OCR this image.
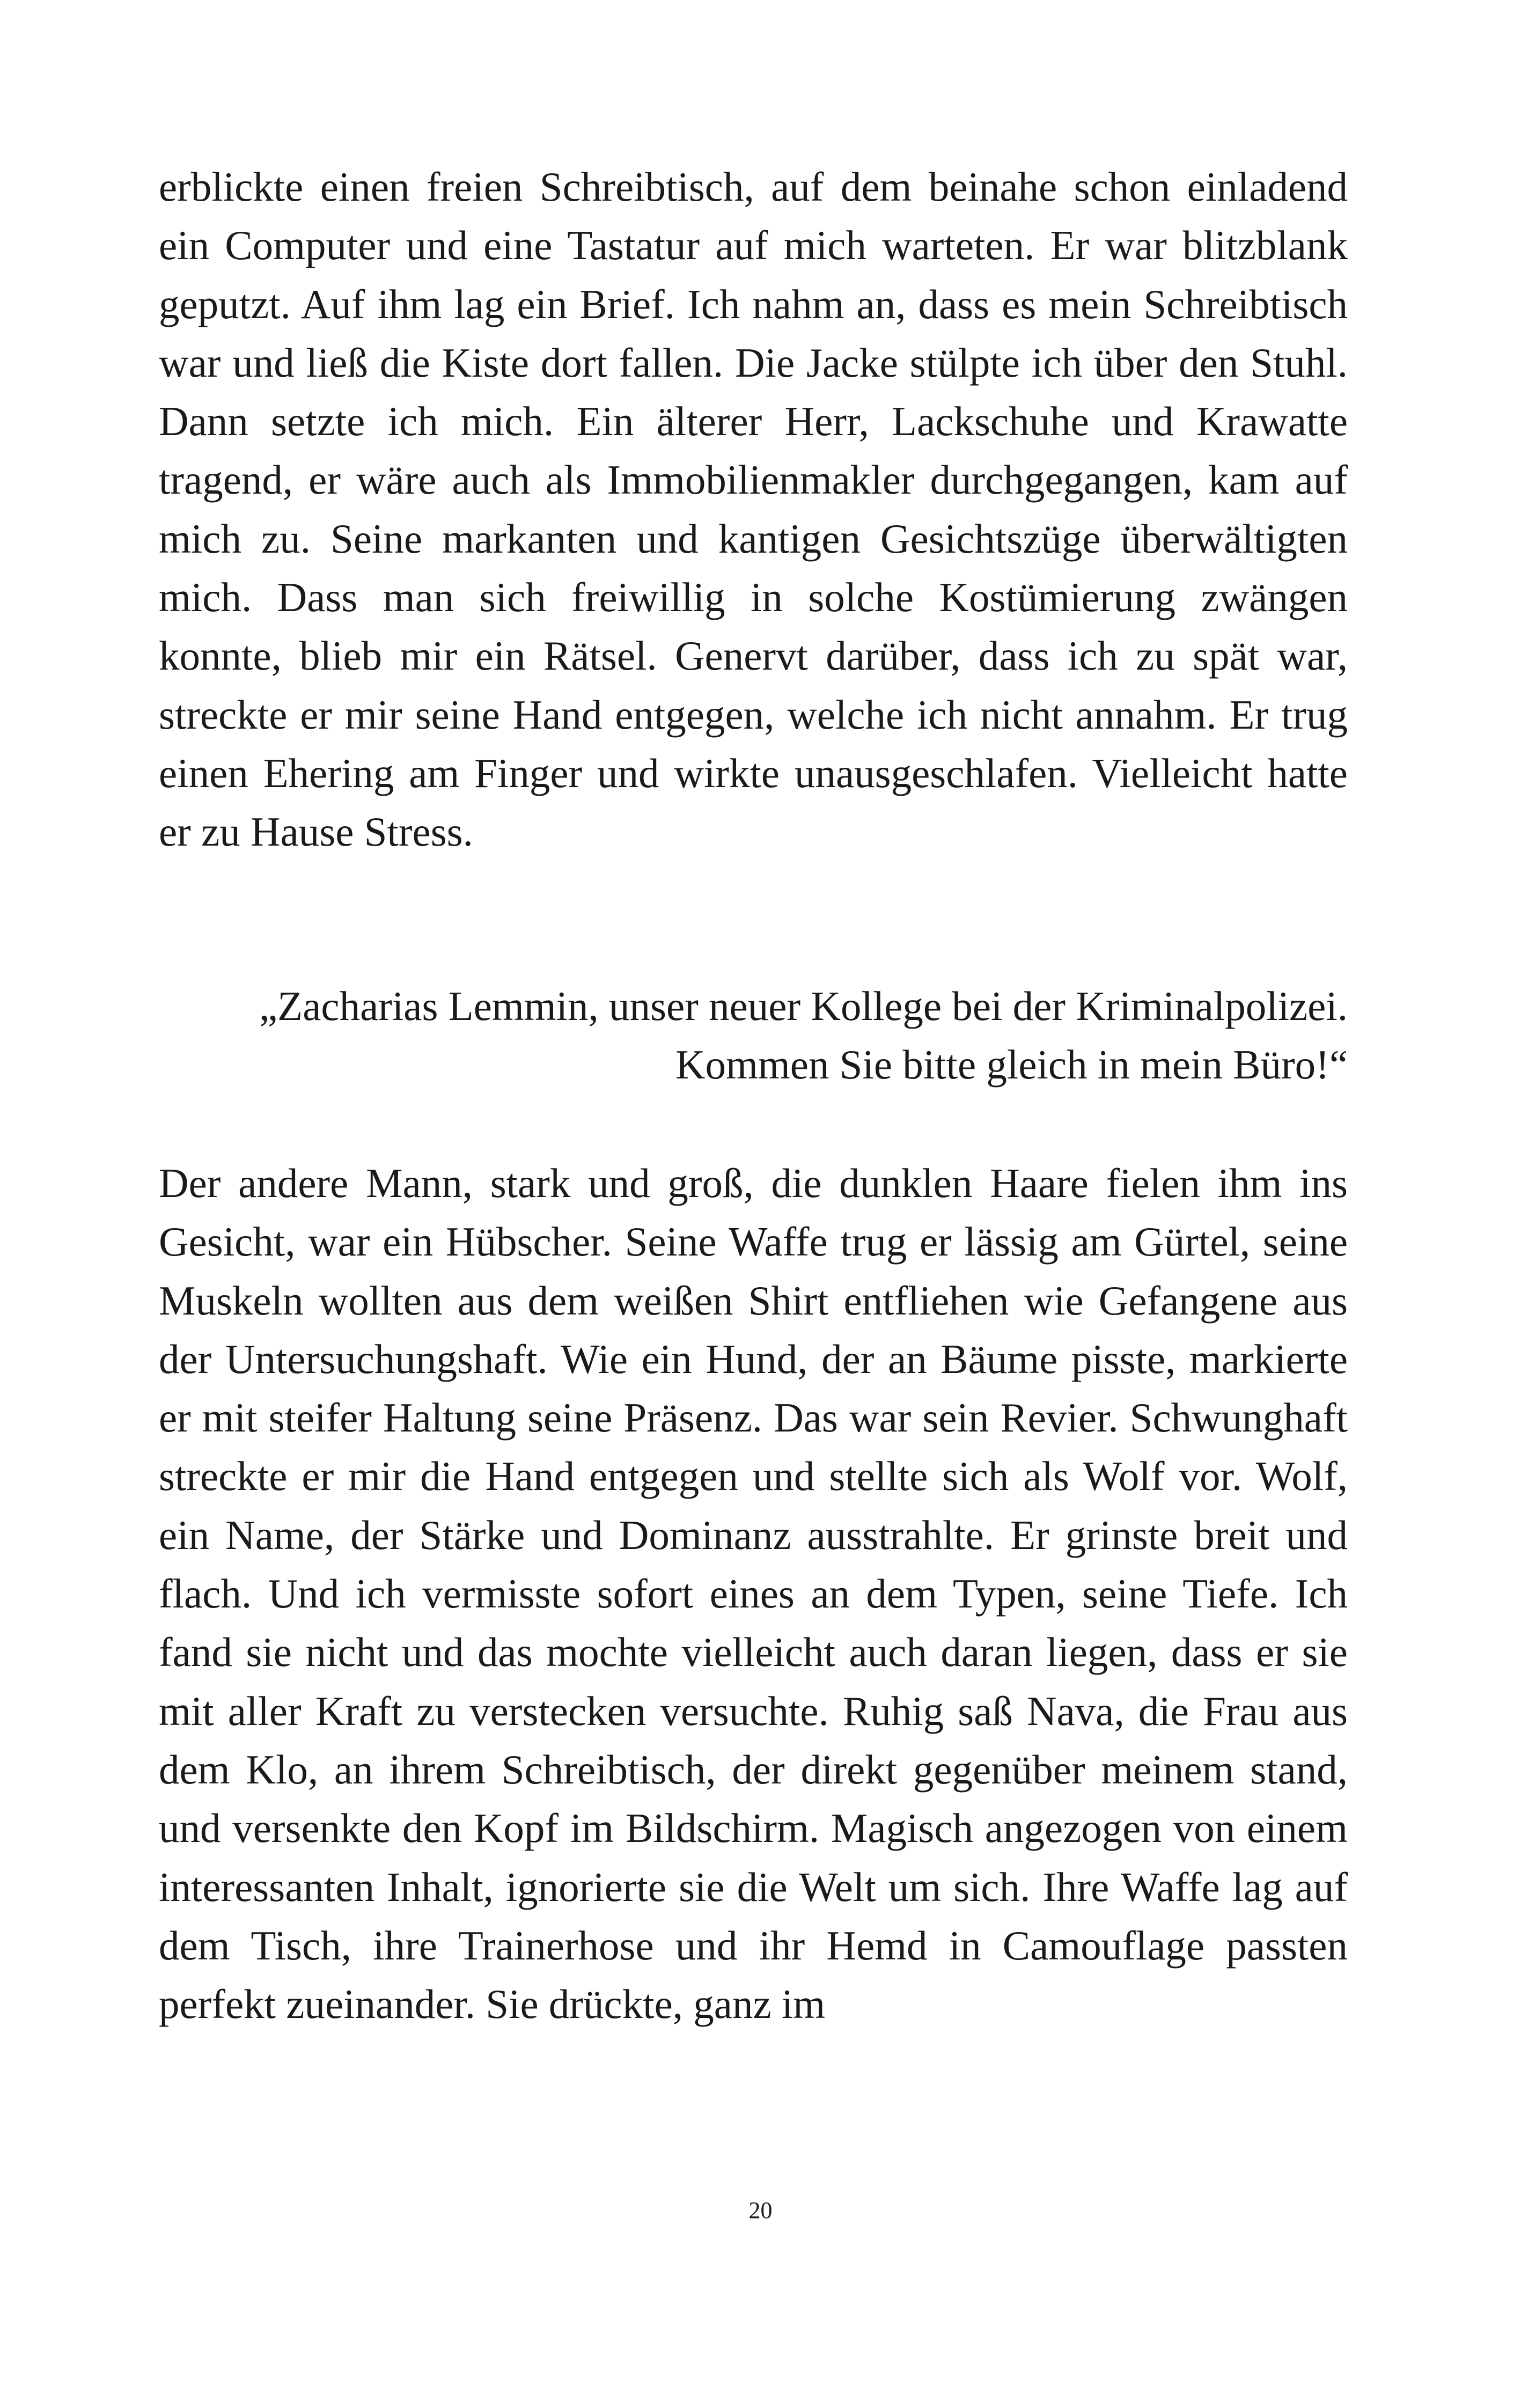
erblickte einen freien Schreibtisch, auf dem beinahe schon einladend ein Computer und eine Tastatur auf mich warteten. Er war blitzblank geputzt. Auf ihm lag ein Brief. Ich nahm an, dass es mein Schreibtisch war und ließ die Kiste dort fallen. Die Jacke stülpte ich über den Stuhl. Dann setzte ich mich. Ein älterer Herr, Lackschuhe und Krawatte tragend, er wäre auch als Immobilienmakler durchgegangen, kam auf mich zu. Seine markanten und kantigen Gesichtszüge überwältigten mich. Dass man sich freiwillig in solche Kostümierung zwängen konnte, blieb mir ein Rätsel. Genervt darüber, dass ich zu spät war, streckte er mir seine Hand entgegen, welche ich nicht annahm. Er trug einen Ehering am Finger und wirkte unausgeschlafen. Vielleicht hatte er zu Hause Stress.

„Zacharias Lemmin, unser neuer Kollege bei der Kriminalpolizei.
Kommen Sie bitte gleich in mein Büro!“

Der andere Mann, stark und groß, die dunklen Haare fielen ihm ins Gesicht, war ein Hübscher. Seine Waffe trug er lässig am Gürtel, seine Muskeln wollten aus dem weißen Shirt entfliehen wie Gefangene aus der Untersuchungshaft. Wie ein Hund, der an Bäume pisste, markierte er mit steifer Haltung seine Präsenz. Das war sein Revier. Schwunghaft streckte er mir die Hand entgegen und stellte sich als Wolf vor. Wolf, ein Name, der Stärke und Dominanz ausstrahlte. Er grinste breit und flach. Und ich vermisste sofort eines an dem Typen, seine Tiefe. Ich fand sie nicht und das mochte vielleicht auch daran liegen, dass er sie mit aller Kraft zu verstecken versuchte. Ruhig saß Nava, die Frau aus dem Klo, an ihrem Schreibtisch, der direkt gegenüber meinem stand, und versenkte den Kopf im Bildschirm. Magisch angezogen von einem interessanten Inhalt, ignorierte sie die Welt um sich. Ihre Waffe lag auf dem Tisch, ihre Trainerhose und ihr Hemd in Camouflage passten perfekt zueinander. Sie drückte, ganz im

20
